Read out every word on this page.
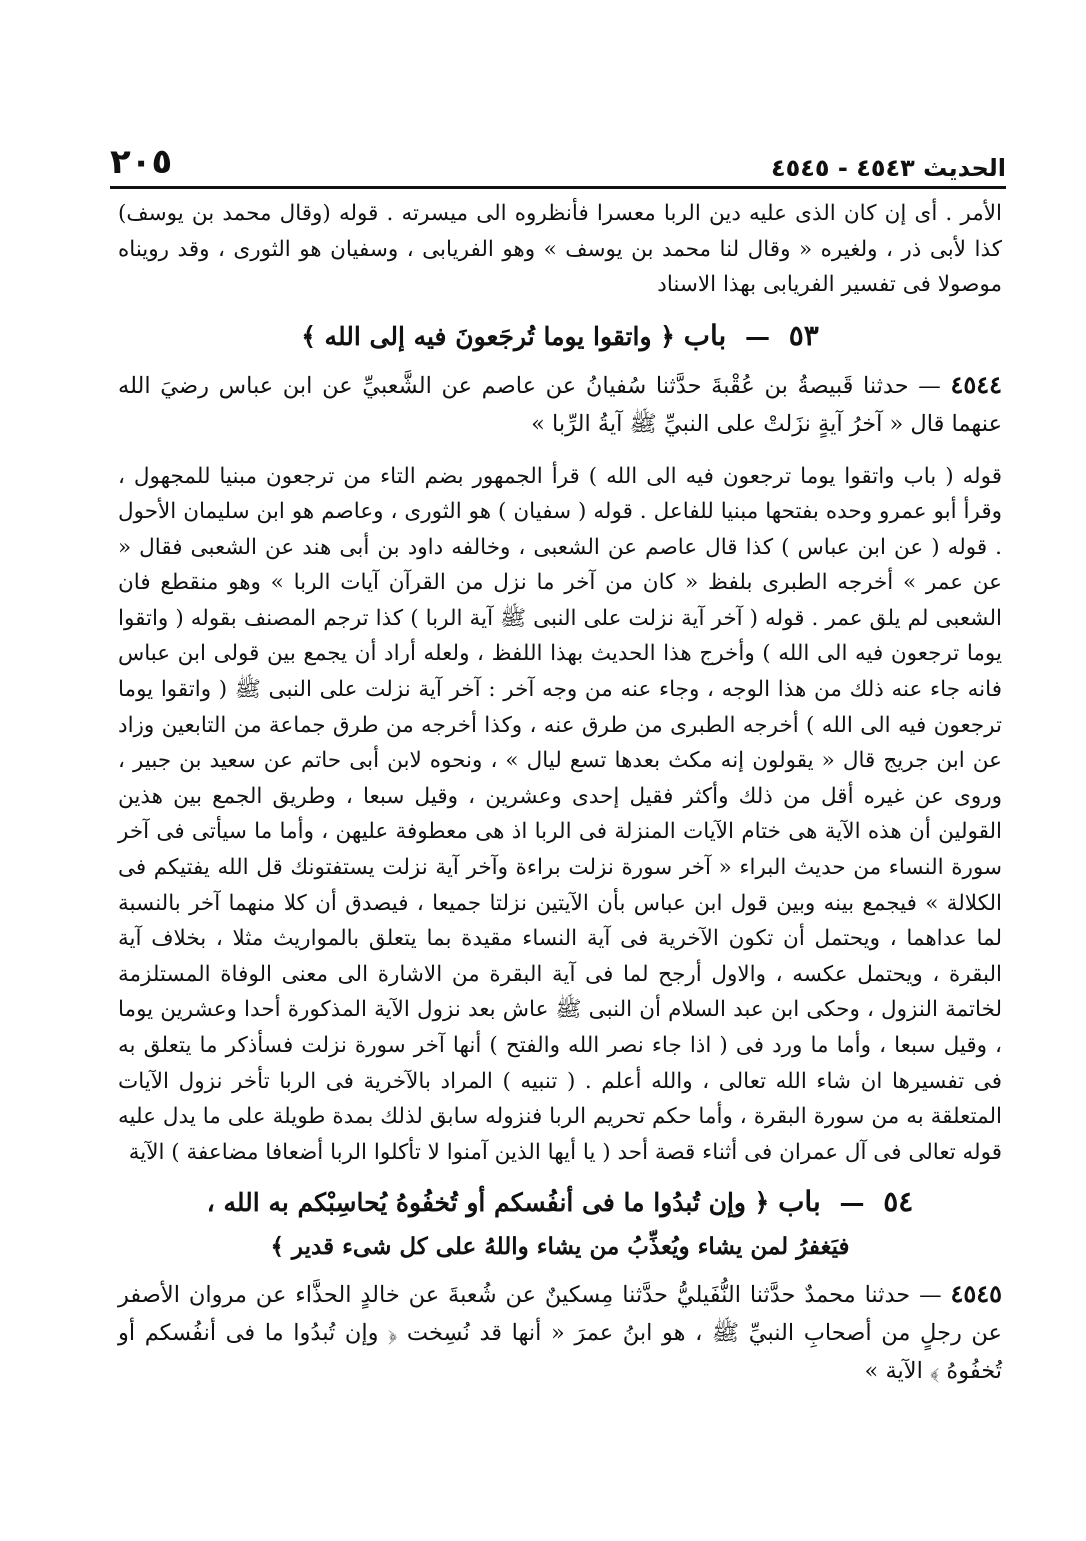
الحديث ٤٥٤٣ - ٤٥٤٥
٢٠٥

الأمر . أى إن كان الذى عليه دين الربا معسرا فأنظروه الى ميسرته . قوله (وقال محمد بن يوسف) كذا لأبى ذر ، ولغيره « وقال لنا محمد بن يوسف » وهو الفريابى ، وسفيان هو الثورى ، وقد رويناه موصولا فى تفسير الفريابى بهذا الاسناد

٥٣ — باب ﴿ واتقوا يوما تُرجَعونَ فيه إلى الله ﴾

٤٥٤٤ — حدثنا قَبيصةُ بن عُقْبةَ حدَّثنا سُفيانُ عن عاصم عن الشَّعبيِّ عن ابن عباس رضيَ الله عنهما قال « آخرُ آيةٍ نزَلتْ على النبيِّ ﷺ آيةُ الرِّبا »

قوله ( باب واتقوا يوما ترجعون فيه الى الله ) قرأ الجمهور بضم التاء من ترجعون مبنيا للمجهول ، وقرأ أبو عمرو وحده بفتحها مبنيا للفاعل . قوله ( سفيان ) هو الثورى ، وعاصم هو ابن سليمان الأحول . قوله ( عن ابن عباس ) كذا قال عاصم عن الشعبى ، وخالفه داود بن أبى هند عن الشعبى فقال « عن عمر » أخرجه الطبرى بلفظ « كان من آخر ما نزل من القرآن آيات الربا » وهو منقطع فان الشعبى لم يلق عمر . قوله ( آخر آية نزلت على النبى ﷺ آية الربا ) كذا ترجم المصنف بقوله ( واتقوا يوما ترجعون فيه الى الله ) وأخرج هذا الحديث بهذا اللفظ ، ولعله أراد أن يجمع بين قولى ابن عباس فانه جاء عنه ذلك من هذا الوجه ، وجاء عنه من وجه آخر : آخر آية نزلت على النبى ﷺ ( واتقوا يوما ترجعون فيه الى الله ) أخرجه الطبرى من طرق عنه ، وكذا أخرجه من طرق جماعة من التابعين وزاد عن ابن جريج قال « يقولون إنه مكث بعدها تسع ليال » ، ونحوه لابن أبى حاتم عن سعيد بن جبير ، وروى عن غيره أقل من ذلك وأكثر فقيل إحدى وعشرين ، وقيل سبعا ، وطريق الجمع بين هذين القولين أن هذه الآية هى ختام الآيات المنزلة فى الربا اذ هى معطوفة عليهن ، وأما ما سيأتى فى آخر سورة النساء من حديث البراء « آخر سورة نزلت براءة وآخر آية نزلت يستفتونك قل الله يفتيكم فى الكلالة » فيجمع بينه وبين قول ابن عباس بأن الآيتين نزلتا جميعا ، فيصدق أن كلا منهما آخر بالنسبة لما عداهما ، ويحتمل أن تكون الآخرية فى آية النساء مقيدة بما يتعلق بالمواريث مثلا ، بخلاف آية البقرة ، ويحتمل عكسه ، والاول أرجح لما فى آية البقرة من الاشارة الى معنى الوفاة المستلزمة لخاتمة النزول ، وحكى ابن عبد السلام أن النبى ﷺ عاش بعد نزول الآية المذكورة أحدا وعشرين يوما ، وقيل سبعا ، وأما ما ورد فى ( اذا جاء نصر الله والفتح ) أنها آخر سورة نزلت فسأذكر ما يتعلق به فى تفسيرها ان شاء الله تعالى ، والله أعلم . ( تنبيه ) المراد بالآخرية فى الربا تأخر نزول الآيات المتعلقة به من سورة البقرة ، وأما حكم تحريم الربا فنزوله سابق لذلك بمدة طويلة على ما يدل عليه قوله تعالى فى آل عمران فى أثناء قصة أحد ( يا أيها الذين آمنوا لا تأكلوا الربا أضعافا مضاعفة ) الآية

٥٤ — باب ﴿ وإن تُبدُوا ما فى أنفُسكم أو تُخفُوهُ يُحاسِبْكم به الله ،
فيَغفرُ لمن يشاء ويُعذِّبُ من يشاء واللهُ على كل شىء قدير ﴾

٤٥٤٥ — حدثنا محمدٌ حدَّثنا النُّفَيليُّ حدَّثنا مِسكينٌ عن شُعبةَ عن خالدٍ الحذَّاء عن مروان الأصفر عن رجلٍ من أصحابِ النبيِّ ﷺ ، هو ابنُ عمرَ « أنها قد نُسِخت ﴿ وإن تُبدُوا ما فى أنفُسكم أو تُخفُوهُ ﴾ الآية »
